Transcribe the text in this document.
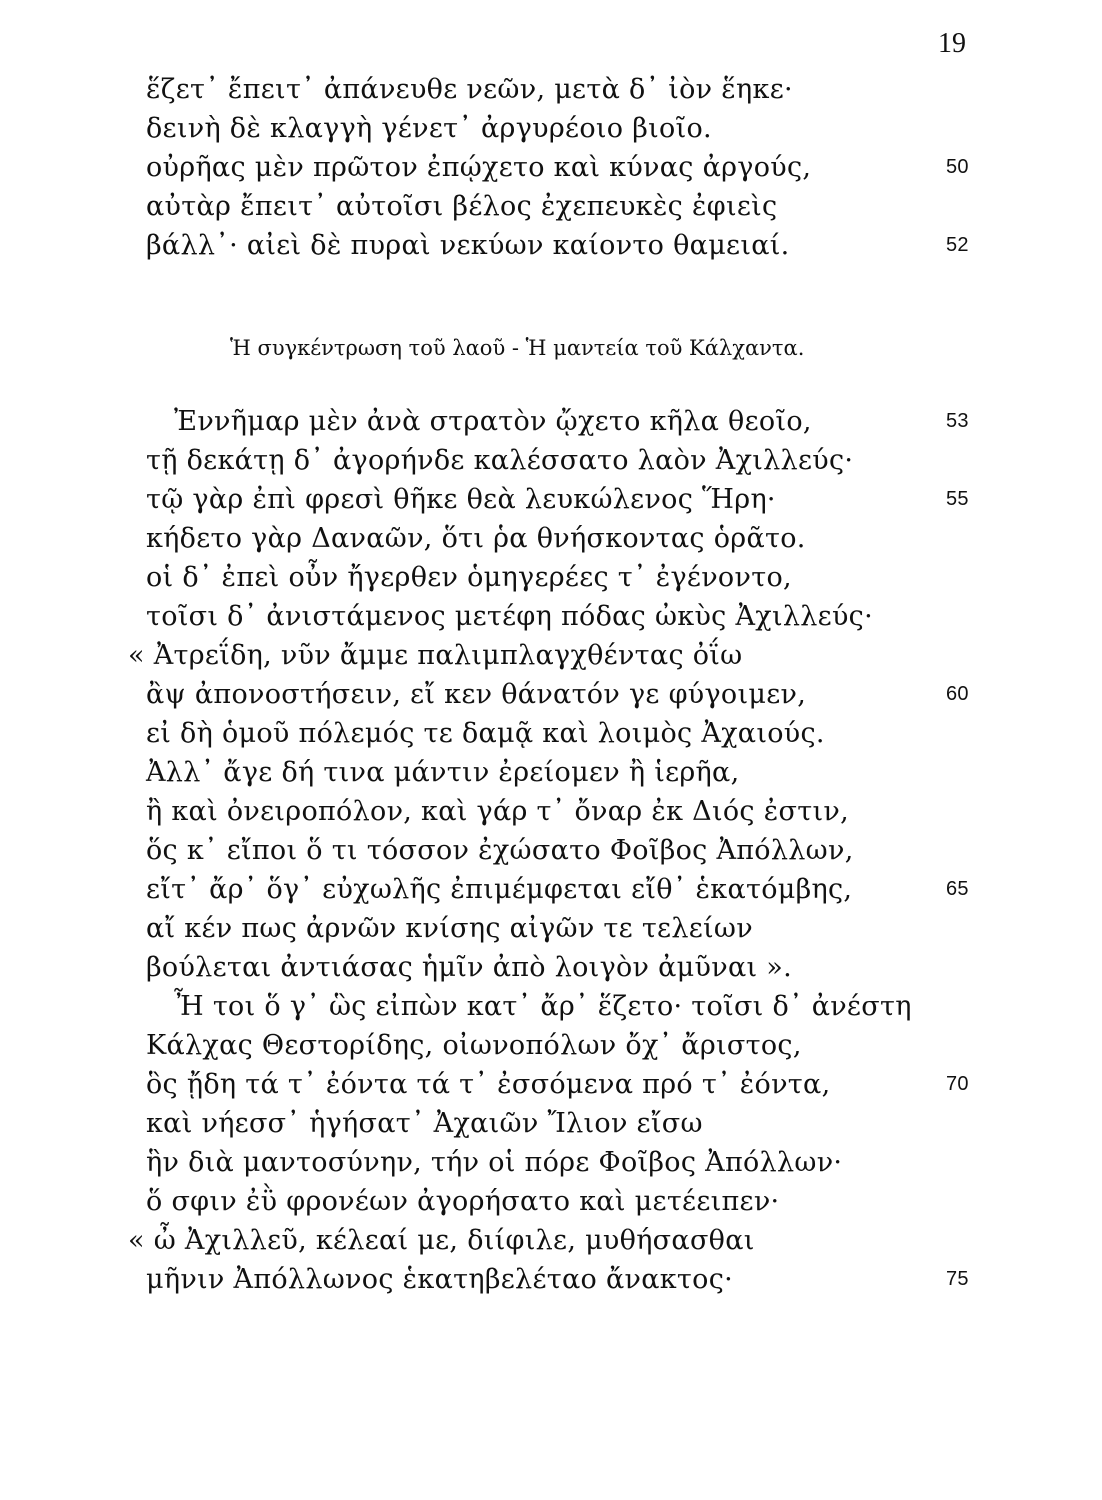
19
ἕζετ᾿ ἔπειτ᾿ ἀπάνευθε νεῶν, μετὰ δ᾿ ἰὸν ἕηκε·
δεινὴ δὲ κλαγγὴ γένετ᾿ ἀργυρέοιο βιοῖο.
οὐρῆας μὲν πρῶτον ἐπῴχετο καὶ κύνας ἀργούς,	50
αὐτὰρ ἔπειτ᾿ αὐτοῖσι βέλος ἐχεπευκὲς ἐφιεὶς
βάλλ᾿· αἰεὶ δὲ πυραὶ νεκύων καίοντο θαμειαί.	52
Ἡ συγκέντρωση τοῦ λαοῦ - Ἡ μαντεία τοῦ Κάλχαντα.
Ἐννῆμαρ μὲν ἀνὰ στρατὸν ᾤχετο κῆλα θεοῖο,	53
τῇ δεκάτῃ δ᾿ ἀγορήνδε καλέσσατο λαὸν Ἀχιλλεύς·
τῷ γὰρ ἐπὶ φρεσὶ θῆκε θεὰ λευκώλενος Ἥρη·	55
κήδετο γὰρ Δαναῶν, ὅτι ῥα θνήσκοντας ὁρᾶτο.
οἱ δ᾿ ἐπεὶ οὖν ἤγερθεν ὁμηγερέες τ᾿ ἐγένοντο,
τοῖσι δ᾿ ἀνιστάμενος μετέφη πόδας ὠκὺς Ἀχιλλεύς·
« Ἀτρεΐδη, νῦν ἄμμε παλιμπλαγχθέντας ὀΐω
ἂψ ἀπονοστήσειν, εἴ κεν θάνατόν γε φύγοιμεν,	60
εἰ δὴ ὁμοῦ πόλεμός τε δαμᾷ καὶ λοιμὸς Ἀχαιούς.
Ἀλλ᾿ ἄγε δή τινα μάντιν ἐρείομεν ἢ ἱερῆα,
ἢ καὶ ὀνειροπόλον, καὶ γάρ τ᾿ ὄναρ ἐκ Διός ἐστιν,
ὅς κ᾿ εἴποι ὅ τι τόσσον ἐχώσατο Φοῖβος Ἀπόλλων,
εἴτ᾿ ἄρ᾿ ὅγ᾿ εὐχωλῆς ἐπιμέμφεται εἴθ᾿ ἑκατόμβης,	65
αἴ κέν πως ἀρνῶν κνίσης αἰγῶν τε τελείων
βούλεται ἀντιάσας ἡμῖν ἀπὸ λοιγὸν ἀμῦναι ».
Ἦ τοι ὅ γ᾿ ὣς εἰπὼν κατ᾿ ἄρ᾿ ἕζετο· τοῖσι δ᾿ ἀνέστη
Κάλχας Θεστορίδης, οἰωνοπόλων ὄχ᾿ ἄριστος,
ὃς ᾔδη τά τ᾿ ἐόντα τά τ᾿ ἐσσόμενα πρό τ᾿ ἐόντα,	70
καὶ νήεσσ᾿ ἡγήσατ᾿ Ἀχαιῶν Ἴλιον εἴσω
ἣν διὰ μαντοσύνην, τήν οἱ πόρε Φοῖβος Ἀπόλλων·
ὅ σφιν ἐῢ φρονέων ἀγορήσατο καὶ μετέειπεν·
« ὦ Ἀχιλλεῦ, κέλεαί με, διίφιλε, μυθήσασθαι
μῆνιν Ἀπόλλωνος ἑκατηβελέταο ἄνακτος·	75
